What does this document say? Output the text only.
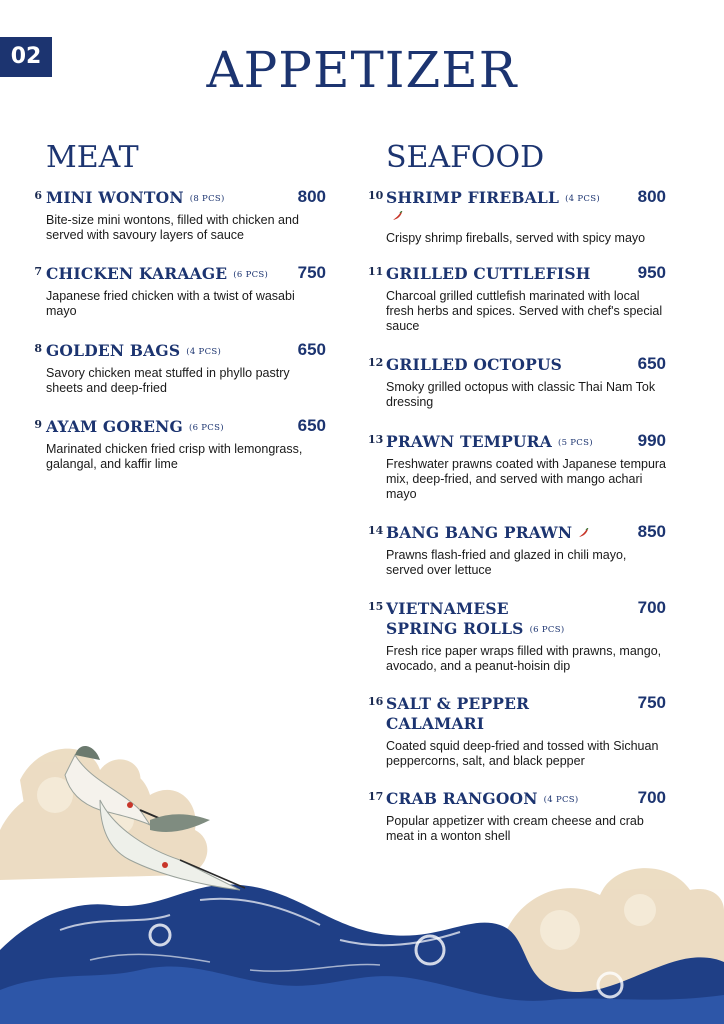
02	APPETIZER
MEAT	SEAFOOD
6 MINI WONTON (8 PCS)	800
Bite-size mini wontons, filled with chicken and served with savoury layers of sauce
7 CHICKEN KARAAGE (6 PCS) 750
Japanese fried chicken with a twist of wasabi mayo
8 GOLDEN BAGS (4 PCS)	650
Savory chicken meat stuffed in phyllo pastry sheets and deep-fried
9 AYAM GORENG (6 PCS)	650
Marinated chicken fried crisp with lemongrass, galangal, and kaffir lime
10 SHRIMP FIREBALL (4 PCS) 800
Crispy shrimp fireballs, served with spicy mayo
11 GRILLED CUTTLEFISH	950
Charcoal grilled cuttlefish marinated with local fresh herbs and spices. Served with chef's special sauce
12 GRILLED OCTOPUS	650
Smoky grilled octopus with classic Thai Nam Tok dressing
13 PRAWN TEMPURA (5 PCS)	990
Freshwater prawns coated with Japanese tempura mix, deep-fried, and served with mango achari mayo
14 BANG BANG PRAWN	850
Prawns flash-fried and glazed in chili mayo, served over lettuce
15 VIETNAMESE SPRING ROLLS (6 PCS)
700
Fresh rice paper wraps filled with prawns, mango, avocado, and a peanut-hoisin dip
16 SALT & PEPPER CALAMARI
750
Coated squid deep-fried and tossed with Sichuan peppercorns, salt, and black pepper
17 CRAB RANGOON (4 PCS)	700
Popular appetizer with cream cheese and crab meat in a wonton shell
